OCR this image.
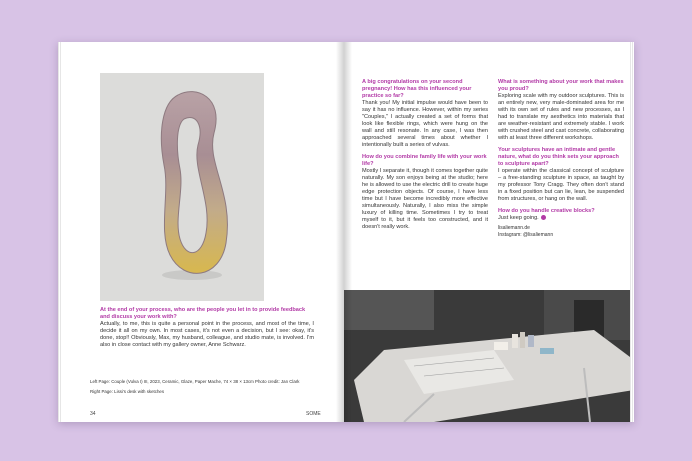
At the end of your process, who are the people you let in to provide feedback and discuss your work with?

Actually, to me, this is quite a personal point in the process, and most of the time, I decide it all on my own. In most cases, it's not even a decision, but I see: okay, it's done, stop!! Obviously, Max, my husband, colleague, and studio mate, is involved. I'm also in close contact with my gallery owner, Anne Schwarz.

Left Page: Couple (Vulva I) III, 2023, Ceramic, Glaze, Paper Mache, 74 × 38 × 13cm Photo credit: Jan Clark
Right Page: Lissi's desk with sketches
34	SOME

A big congratulations on your second pregnancy! How has this influenced your practice so far?

Thank you! My initial impulse would have been to say it has no influence. However, within my series "Couples," I actually created a set of forms that look like flexible rings, which were hung on the wall and still resonate. In any case, I was then approached several times about whether I intentionally built a series of vulvas.

How do you combine family life with your work life?

Mostly I separate it, though it comes together quite naturally. My son enjoys being at the studio; here he is allowed to use the electric drill to create huge edge protection objects. Of course, I have less time but I have become incredibly more effective simultaneously. Naturally, I also miss the simple luxury of killing time. Sometimes I try to treat myself to it, but it feels too constructed, and it doesn't really work.

What is something about your work that makes you proud?

Exploring scale with my outdoor sculptures. This is an entirely new, very male-dominated area for me with its own set of rules and new processes, as I had to translate my aesthetics into materials that are weather-resistant and extremely stable. I work with crushed steel and cast concrete, collaborating with at least three different workshops.

Your sculptures have an intimate and gentle nature, what do you think sets your approach to sculpture apart?

I operate within the classical concept of sculpture – a free-standing sculpture in space, as taught by my professor Tony Cragg. They often don't stand in a fixed position but can lie, lean, be suspended from structures, or hang on the wall.

How do you handle creative blocks?

Just keep going.

lisaliemann.de

Instagram: @lisaliemann
